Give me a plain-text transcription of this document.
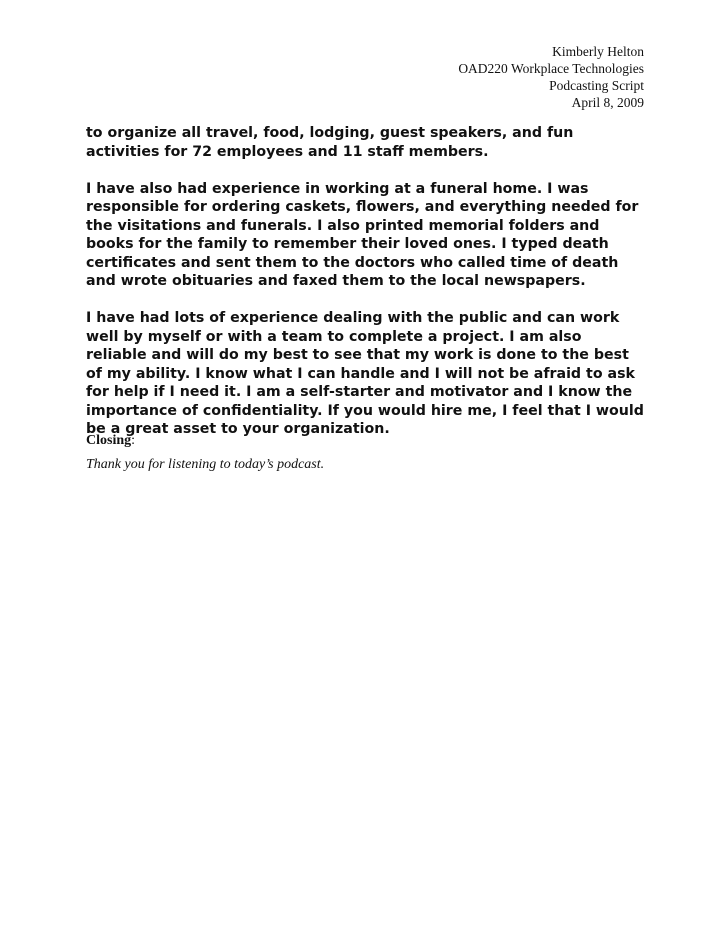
Kimberly Helton
OAD220 Workplace Technologies
Podcasting Script
April 8, 2009

to organize all travel, food, lodging, guest speakers, and fun
activities for 72 employees and 11 staff members.

I have also had experience in working at a funeral home. I was
responsible for ordering caskets, flowers, and everything needed for
the visitations and funerals. I also printed memorial folders and
books for the family to remember their loved ones. I typed death
certificates and sent them to the doctors who called time of death
and wrote obituaries and faxed them to the local newspapers.

I have had lots of experience dealing with the public and can work
well by myself or with a team to complete a project. I am also
reliable and will do my best to see that my work is done to the best
of my ability. I know what I can handle and I will not be afraid to ask
for help if I need it. I am a self-starter and motivator and I know the
importance of confidentiality. If you would hire me, I feel that I would
be a great asset to your organization.

Closing:
Thank you for listening to today’s podcast.
